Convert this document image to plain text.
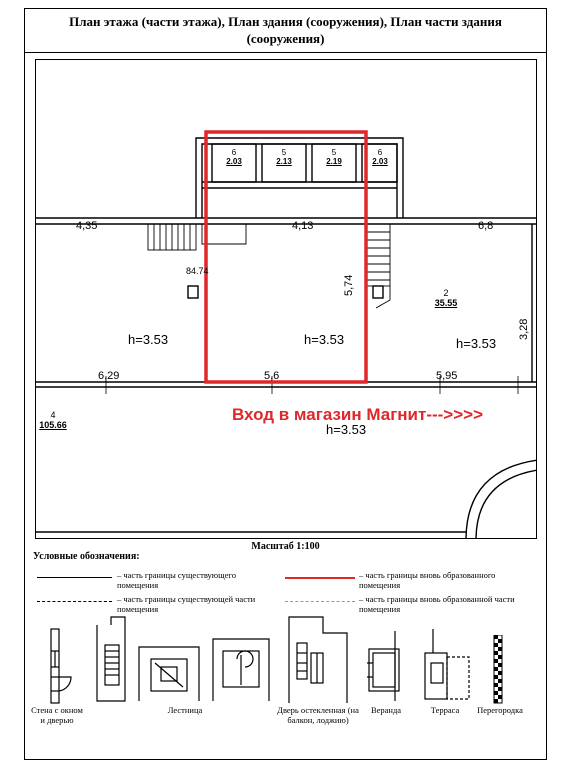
План этажа (части этажа), План здания (сооружения), План части здания (сооружения)
6
2.03
5
2.13
5
2.19
6
2.03
4,35	4,13	6,8
5,74
3,28
6,29	5,6	5,95
84.74
2
35.55
4
105.66
h=3.53	h=3.53	h=3.53
h=3.53
Вход в магазин Магнит--->>>>
Масштаб 1:100
Условные обозначения:
– часть границы существующего помещения
– часть границы существующей части помещения
– часть границы вновь образованного помещения
– часть границы вновь образованной части помещения
Стена с окном и дверью
Лестница	Дверь остекленная (на балкон, лоджию)
Веранда	Терраса	Перегородка
